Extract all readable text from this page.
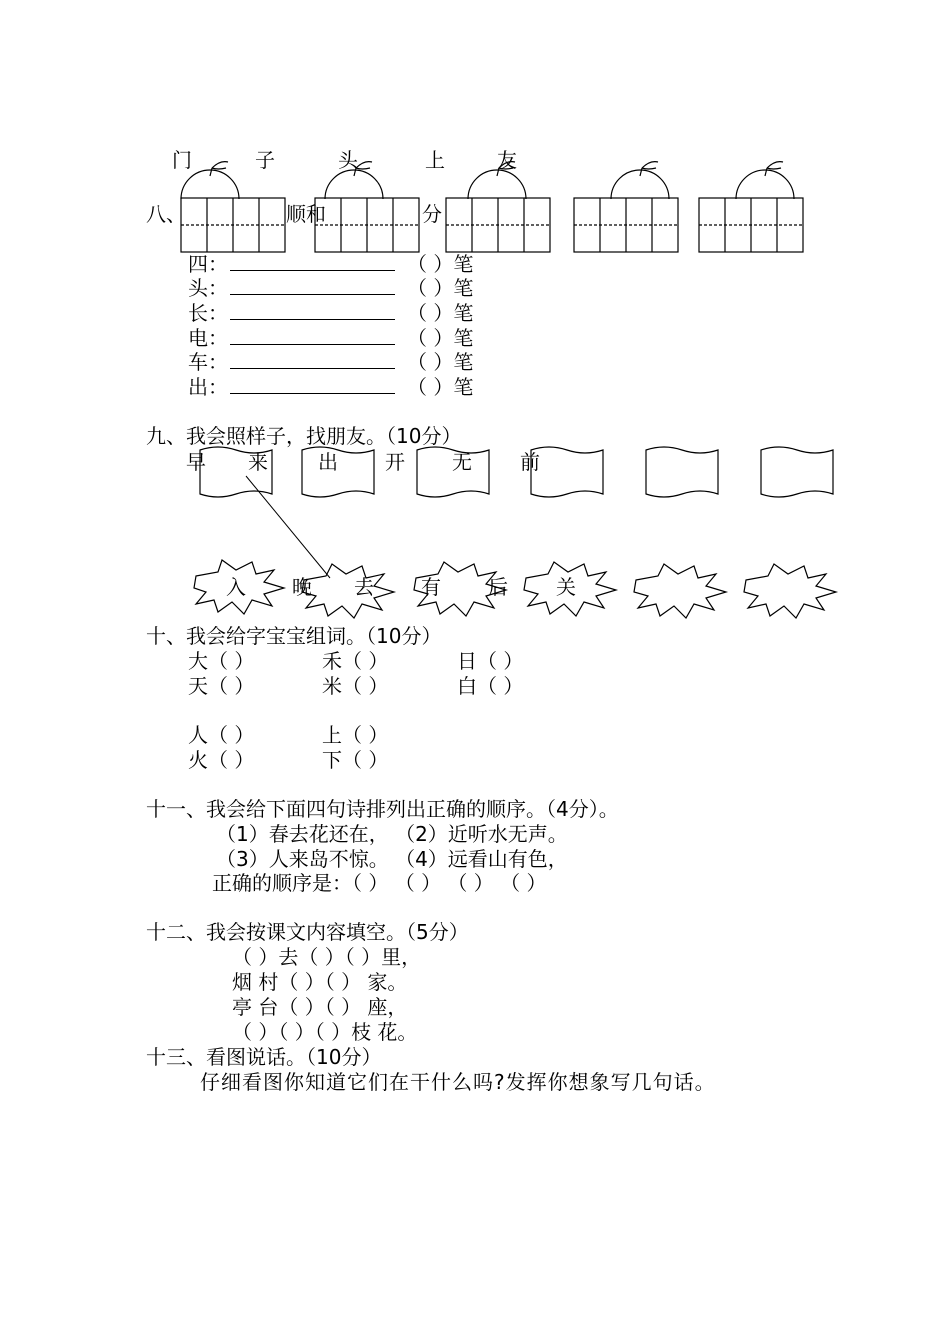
门	子	头	上	友
八、	顺和	分
四：	（ ）笔
头：	（ ）笔
长：	（ ）笔
电：	（ ）笔
车：	（ ）笔
出：	（ ）笔
九、我会照样子，找朋友。（10分）
早 来	出 开 无 前
入 晚 去 有 后 关
十、我会给字宝宝组词。（10分）
大（ ）	禾（ ）	日（ ）
天（ ）	米（ ）	白（ ）
人（ ）	上（ ）
火（ ）	下（ ）
十一、我会给下面四句诗排列出正确的顺序。（4分）。
（1）春去花还在， （2）近听水无声。
（3）人来岛不惊。 （4）远看山有色，
正确的顺序是：（ ） （ ） （ ） （ ）
十二、我会按课文内容填空。（5分）
（ ）去（ ）（ ）里，
烟 村（ ）（ ） 家。
亭 台（ ）（ ） 座，
（ ）（ ）（ ）枝 花。
十三、看图说话。（10分）
仔细看图你知道它们在干什么吗?发挥你想象写几句话。
